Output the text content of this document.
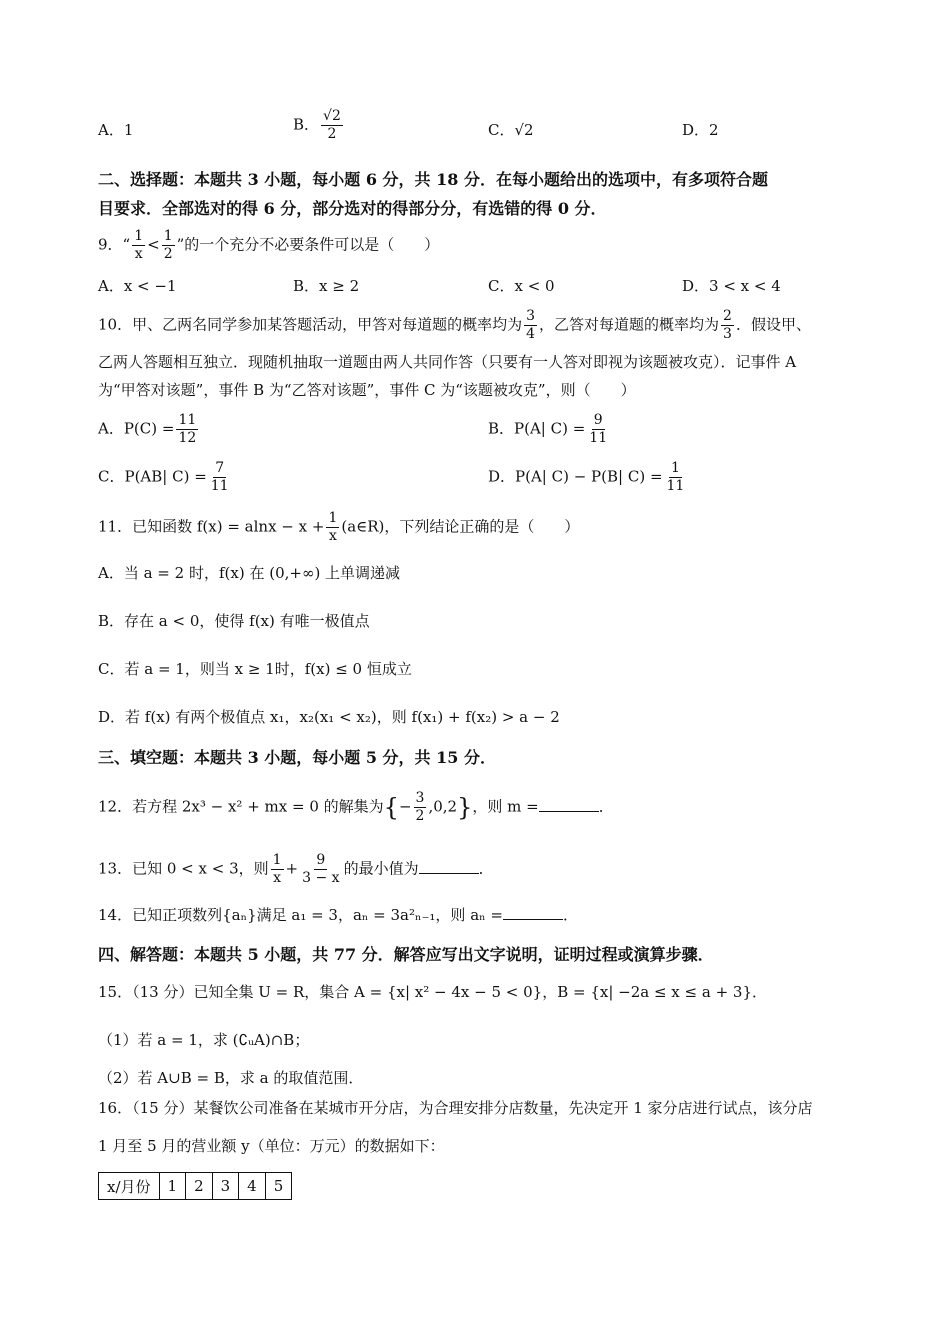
A．1	B． $\frac{√2}{2}$	C．√2	D．2
二、选择题：本题共 3 小题，每小题 6 分，共 18 分．在每小题给出的选项中，有多项符合题
目要求．全部选对的得 6 分，部分选对的得部分分，有选错的得 0 分．
9．“ $\frac{1}{x} < \frac{1}{2}$ ”的一个充分不必要条件可以是（　　）
A．x < −1	B．x ≥ 2	C．x < 0	D．3 < x < 4
10．甲、乙两名同学参加某答题活动，甲答对每道题的概率均为 $\frac{3}{4}$ ，乙答对每道题的概率均为 $\frac{2}{3}$ ．假设甲、
乙两人答题相互独立．现随机抽取一道题由两人共同作答（只要有一人答对即视为该题被攻克）．记事件 A
为“甲答对该题”，事件 B 为“乙答对该题”，事件 C 为“该题被攻克”，则（　　）
A．$P(C) = \frac{11}{12}$	B．P(A| $C) = \frac{9}{11}$
C．P(AB| $C) = \frac{7}{11}$	D．P(A| C) − P(B| $C) = \frac{1}{11}$
11．已知函数 $f(x) = alnx - x + \frac{1}{x}$ (a∈R)，下列结论正确的是（　　）
A．当 a = 2 时，f(x) 在 (0,+∞) 上单调递减
B．存在 a < 0，使得 f(x) 有唯一极值点
C．若 a = 1，则当 x ≥ 1时，f(x) ≤ 0 恒成立
D．若 f(x) 有两个极值点 x₁，x₂(x₁ < x₂)，则 f(x₁) + f(x₂) > a − 2
三、填空题：本题共 3 小题，每小题 5 分，共 15 分．
12．若方程 2x³ − x² + mx = 0 的解集为{− $\frac{3}{2} ,0,2$}，则 m =	．
13．已知 0 < x < 3，则 $\frac{1}{x} + \frac{9}{3 - x}$ 的最小值为	．
14．已知正项数列{aₙ}满足 a₁ = 3，aₙ = 3a²ₙ₋₁，则 aₙ =	．
四、解答题：本题共 5 小题，共 77 分．解答应写出文字说明，证明过程或演算步骤．
15．（13 分）已知全集 U = R，集合 A = {x| x² − 4x − 5 < 0}，B = {x| −2a ≤ x ≤ a + 3}．
（1）若 a = 1，求 (∁ᵤA)∩B；
（2）若 A∪B = B，求 a 的取值范围．
16．（15 分）某餐饮公司准备在某城市开分店，为合理安排分店数量，先决定开 1 家分店进行试点，该分店
1 月至 5 月的营业额 y（单位：万元）的数据如下：
x/月份	1	2	3	4	5
